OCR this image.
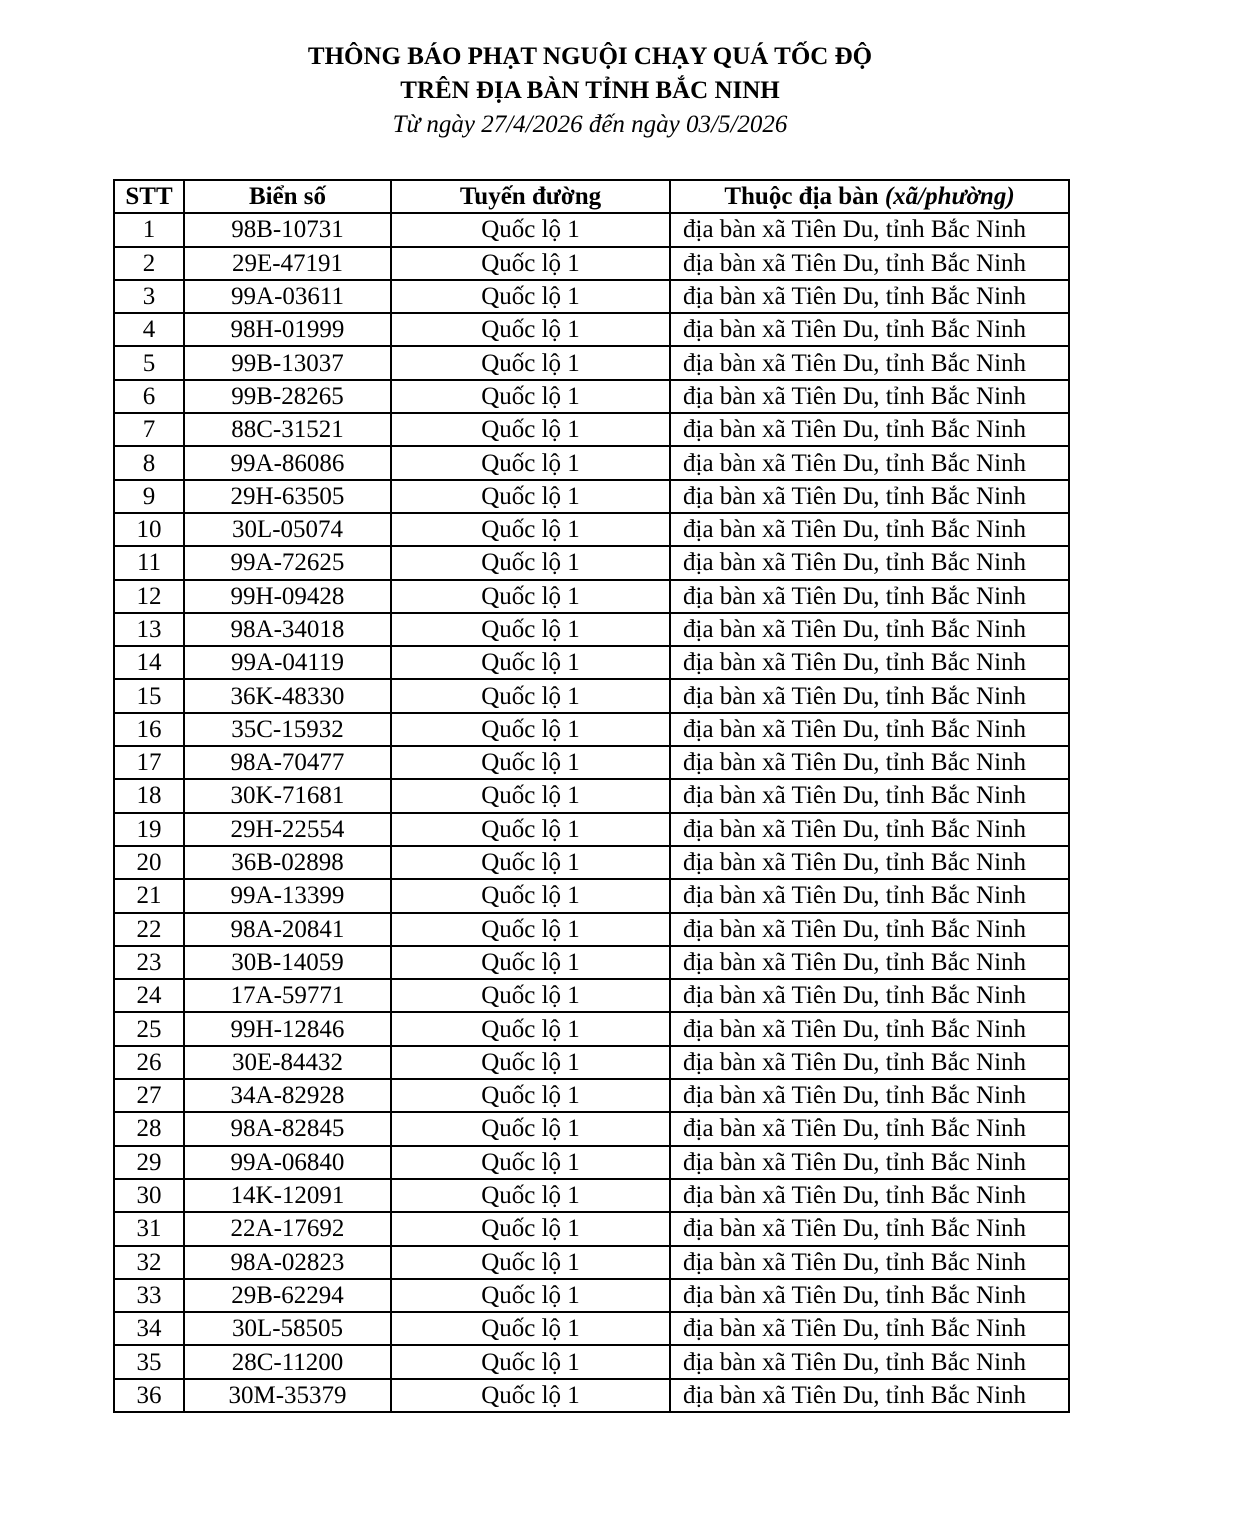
THÔNG BÁO PHẠT NGUỘI CHẠY QUÁ TỐC ĐỘ

TRÊN ĐỊA BÀN TỈNH BẮC NINH

Từ ngày 27/4/2026 đến ngày 03/5/2026

STT	Biển số	Tuyến đường	Thuộc địa bàn (xã/phường)
1	98B-10731	Quốc lộ 1	địa bàn xã Tiên Du, tỉnh Bắc Ninh
2	29E-47191	Quốc lộ 1	địa bàn xã Tiên Du, tỉnh Bắc Ninh
3	99A-03611	Quốc lộ 1	địa bàn xã Tiên Du, tỉnh Bắc Ninh
4	98H-01999	Quốc lộ 1	địa bàn xã Tiên Du, tỉnh Bắc Ninh
5	99B-13037	Quốc lộ 1	địa bàn xã Tiên Du, tỉnh Bắc Ninh
6	99B-28265	Quốc lộ 1	địa bàn xã Tiên Du, tỉnh Bắc Ninh
7	88C-31521	Quốc lộ 1	địa bàn xã Tiên Du, tỉnh Bắc Ninh
8	99A-86086	Quốc lộ 1	địa bàn xã Tiên Du, tỉnh Bắc Ninh
9	29H-63505	Quốc lộ 1	địa bàn xã Tiên Du, tỉnh Bắc Ninh
10	30L-05074	Quốc lộ 1	địa bàn xã Tiên Du, tỉnh Bắc Ninh
11	99A-72625	Quốc lộ 1	địa bàn xã Tiên Du, tỉnh Bắc Ninh
12	99H-09428	Quốc lộ 1	địa bàn xã Tiên Du, tỉnh Bắc Ninh
13	98A-34018	Quốc lộ 1	địa bàn xã Tiên Du, tỉnh Bắc Ninh
14	99A-04119	Quốc lộ 1	địa bàn xã Tiên Du, tỉnh Bắc Ninh
15	36K-48330	Quốc lộ 1	địa bàn xã Tiên Du, tỉnh Bắc Ninh
16	35C-15932	Quốc lộ 1	địa bàn xã Tiên Du, tỉnh Bắc Ninh
17	98A-70477	Quốc lộ 1	địa bàn xã Tiên Du, tỉnh Bắc Ninh
18	30K-71681	Quốc lộ 1	địa bàn xã Tiên Du, tỉnh Bắc Ninh
19	29H-22554	Quốc lộ 1	địa bàn xã Tiên Du, tỉnh Bắc Ninh
20	36B-02898	Quốc lộ 1	địa bàn xã Tiên Du, tỉnh Bắc Ninh
21	99A-13399	Quốc lộ 1	địa bàn xã Tiên Du, tỉnh Bắc Ninh
22	98A-20841	Quốc lộ 1	địa bàn xã Tiên Du, tỉnh Bắc Ninh
23	30B-14059	Quốc lộ 1	địa bàn xã Tiên Du, tỉnh Bắc Ninh
24	17A-59771	Quốc lộ 1	địa bàn xã Tiên Du, tỉnh Bắc Ninh
25	99H-12846	Quốc lộ 1	địa bàn xã Tiên Du, tỉnh Bắc Ninh
26	30E-84432	Quốc lộ 1	địa bàn xã Tiên Du, tỉnh Bắc Ninh
27	34A-82928	Quốc lộ 1	địa bàn xã Tiên Du, tỉnh Bắc Ninh
28	98A-82845	Quốc lộ 1	địa bàn xã Tiên Du, tỉnh Bắc Ninh
29	99A-06840	Quốc lộ 1	địa bàn xã Tiên Du, tỉnh Bắc Ninh
30	14K-12091	Quốc lộ 1	địa bàn xã Tiên Du, tỉnh Bắc Ninh
31	22A-17692	Quốc lộ 1	địa bàn xã Tiên Du, tỉnh Bắc Ninh
32	98A-02823	Quốc lộ 1	địa bàn xã Tiên Du, tỉnh Bắc Ninh
33	29B-62294	Quốc lộ 1	địa bàn xã Tiên Du, tỉnh Bắc Ninh
34	30L-58505	Quốc lộ 1	địa bàn xã Tiên Du, tỉnh Bắc Ninh
35	28C-11200	Quốc lộ 1	địa bàn xã Tiên Du, tỉnh Bắc Ninh
36	30M-35379	Quốc lộ 1	địa bàn xã Tiên Du, tỉnh Bắc Ninh
